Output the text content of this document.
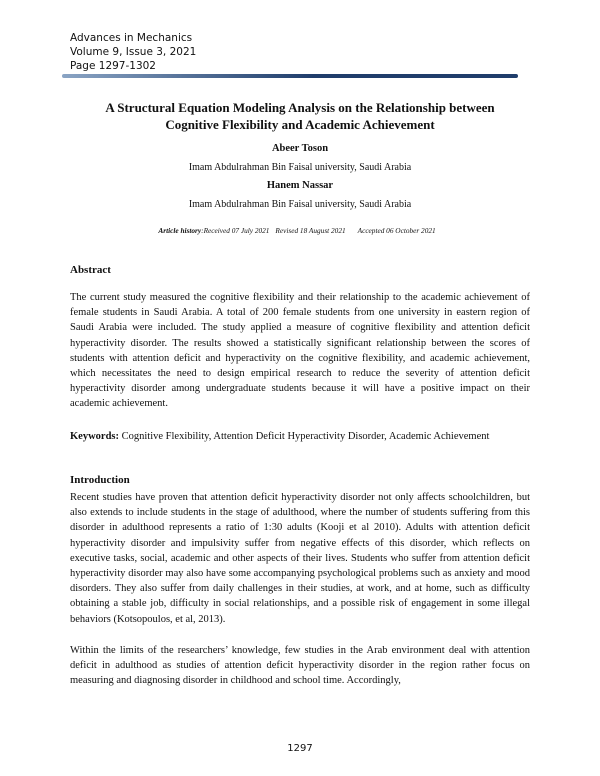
Advances in Mechanics
Volume 9, Issue 3, 2021
Page 1297-1302
A Structural Equation Modeling Analysis on the Relationship between
Cognitive Flexibility and Academic Achievement
Abeer Toson
Imam Abdulrahman Bin Faisal university, Saudi Arabia
Hanem Nassar
Imam Abdulrahman Bin Faisal university, Saudi Arabia
Article history:Received 07 July 2021 Revised 18 August 2021 Accepted 06 October 2021
Abstract

The current study measured the cognitive flexibility and their relationship to the academic achievement of female students in Saudi Arabia. A total of 200 female students from one university in eastern region of Saudi Arabia were included. The study applied a measure of cognitive flexibility and attention deficit hyperactivity disorder. The results showed a statistically significant relationship between the scores of students with attention deficit and hyperactivity on the cognitive flexibility, and academic achievement, which necessitates the need to design empirical research to reduce the severity of attention deficit hyperactivity disorder among undergraduate students because it will have a positive impact on their academic achievement.

Keywords: Cognitive Flexibility, Attention Deficit Hyperactivity Disorder, Academic Achievement
Introduction

Recent studies have proven that attention deficit hyperactivity disorder not only affects schoolchildren, but also extends to include students in the stage of adulthood, where the number of students suffering from this disorder in adulthood represents a ratio of 1:30 adults (Kooji et al 2010). Adults with attention deficit hyperactivity disorder and impulsivity suffer from negative effects of this disorder, which reflects on executive tasks, social, academic and other aspects of their lives. Students who suffer from attention deficit hyperactivity disorder may also have some accompanying psychological problems such as anxiety and mood disorders. They also suffer from daily challenges in their studies, at work, and at home, such as difficulty obtaining a stable job, difficulty in social relationships, and a possible risk of engagement in some illegal behaviors (Kotsopoulos, et al, 2013).

Within the limits of the researchers’ knowledge, few studies in the Arab environment deal with attention deficit in adulthood as studies of attention deficit hyperactivity disorder in the region rather focus on measuring and diagnosing disorder in childhood and school time. Accordingly,

1297
